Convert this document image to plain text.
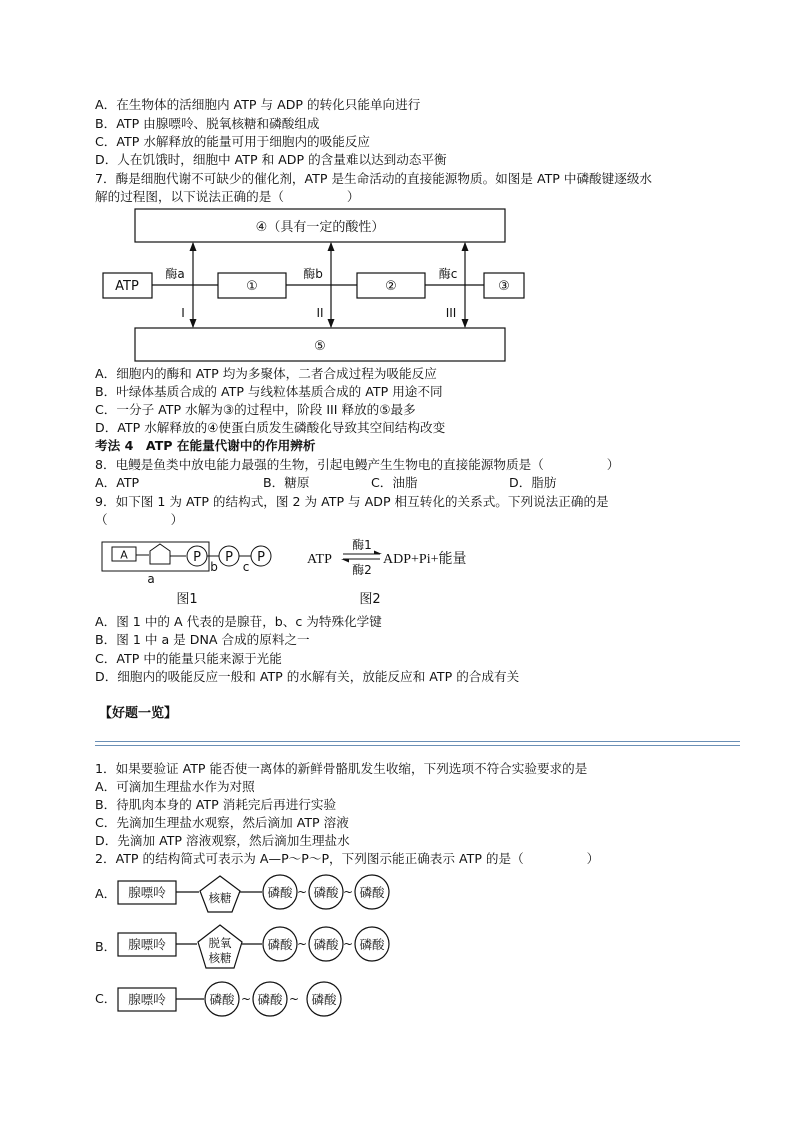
A．在生物体的活细胞内 ATP 与 ADP 的转化只能单向进行
B．ATP 由腺嘌呤、脱氧核糖和磷酸组成
C．ATP 水解释放的能量可用于细胞内的吸能反应
D．人在饥饿时，细胞中 ATP 和 ADP 的含量难以达到动态平衡
7．酶是细胞代谢不可缺少的催化剂，ATP 是生命活动的直接能源物质。如图是 ATP 中磷酸键逐级水
解的过程图，以下说法正确的是（　　　　　）
④（具有一定的酸性）
⑤
ATP	①	②	③
酶a	酶b	酶c
I	II	III
A．细胞内的酶和 ATP 均为多聚体，二者合成过程为吸能反应
B．叶绿体基质合成的 ATP 与线粒体基质合成的 ATP 用途不同
C．一分子 ATP 水解为③的过程中，阶段 III 释放的⑤最多
D．ATP 水解释放的④使蛋白质发生磷酸化导致其空间结构改变
考法 4　ATP 在能量代谢中的作用辨析
8．电鳗是鱼类中放电能力最强的生物，引起电鳗产生生物电的直接能源物质是（　　　　　）
A．ATP	B．糖原	C．油脂	D．脂肪
9．如下图 1 为 ATP 的结构式，图 2 为 ATP 与 ADP 相互转化的关系式。下列说法正确的是
（　　　　　）
A	P P P
a
b c
图1
ATP
酶1
酶2
ADP+Pi+能量
图2
A．图 1 中的 A 代表的是腺苷，b、c 为特殊化学键
B．图 1 中 a 是 DNA 合成的原料之一
C．ATP 中的能量只能来源于光能
D．细胞内的吸能反应一般和 ATP 的水解有关，放能反应和 ATP 的合成有关
【好题一览】
1．如果要验证 ATP 能否使一离体的新鲜骨骼肌发生收缩，下列选项不符合实验要求的是
A．可滴加生理盐水作为对照
B．待肌肉本身的 ATP 消耗完后再进行实验
C．先滴加生理盐水观察，然后滴加 ATP 溶液
D．先滴加 ATP 溶液观察，然后滴加生理盐水
2．ATP 的结构简式可表示为 A—P～P～P，下列图示能正确表示 ATP 的是（　　　　　）
A． 腺嘌呤	核糖	磷酸 ~ 磷酸 ~ 磷酸
B． 腺嘌呤	脱氧
核糖
磷酸 ~ 磷酸 ~ 磷酸
C． 腺嘌呤	磷酸 ~ 磷酸 ~ 磷酸
